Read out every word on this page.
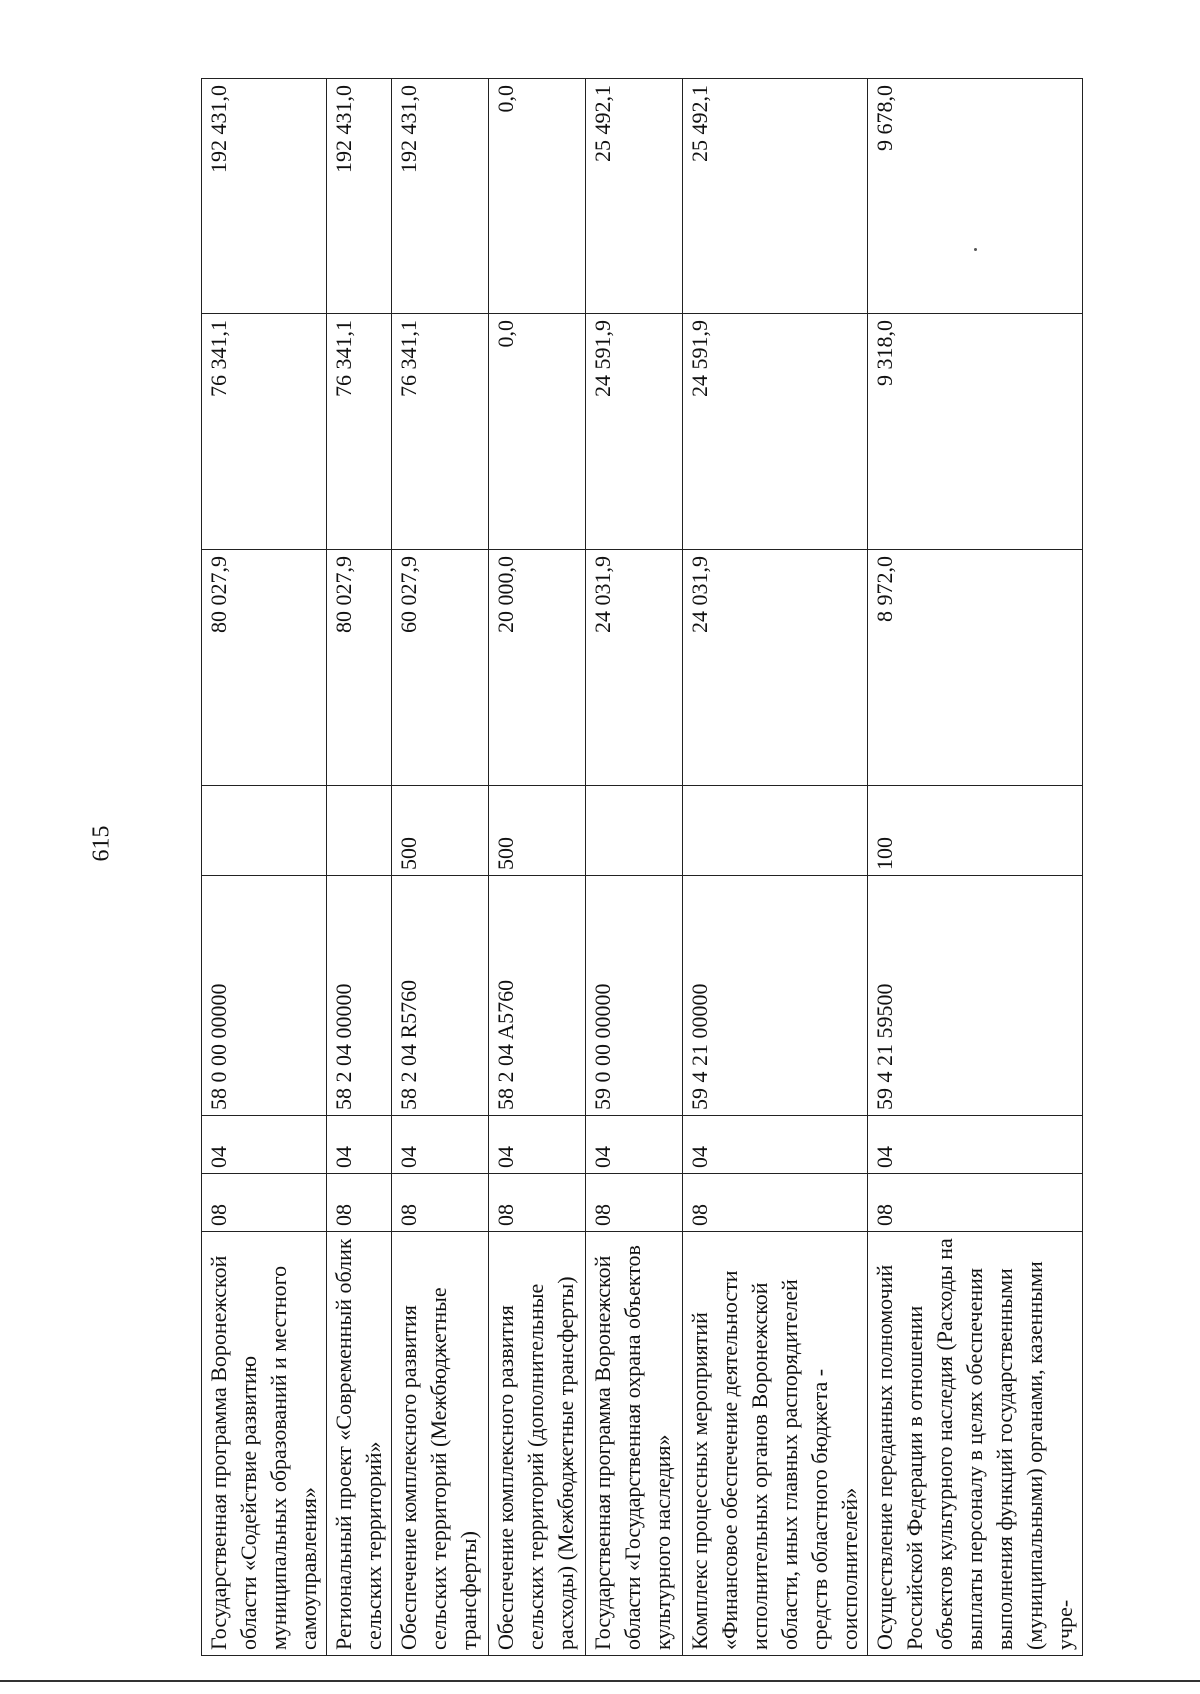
615
Государственная программа Воронежской области «Содействие развитию муниципальных образований и местного самоуправления»	08	04	58 0 00 00000		80 027,9	76 341,1	192 431,0
Региональный проект «Современный облик сельских территорий»	08	04	58 2 04 00000		80 027,9	76 341,1	192 431,0
Обеспечение комплексного развития сельских территорий (Межбюджетные трансферты)	08	04	58 2 04 R5760	500	60 027,9	76 341,1	192 431,0
Обеспечение комплексного развития сельских территорий (дополнительные расходы) (Межбюджетные трансферты)	08	04	58 2 04 A5760	500	20 000,0	0,0	0,0
Государственная программа Воронежской области «Государственная охрана объектов культурного наследия»	08	04	59 0 00 00000		24 031,9	24 591,9	25 492,1
Комплекс процессных мероприятий «Финансовое обеспечение деятельности исполнительных органов Воронежской области, иных главных распорядителей средств областного бюджета - соисполнителей»	08	04	59 4 21 00000		24 031,9	24 591,9	25 492,1
Осуществление переданных полномочий Российской Федерации в отношении объектов культурного наследия (Расходы на выплаты персоналу в целях обеспечения выполнения функций государственными (муниципальными) органами, казенными учре-	08	04	59 4 21 59500	100	8 972,0	9 318,0	9 678,0
